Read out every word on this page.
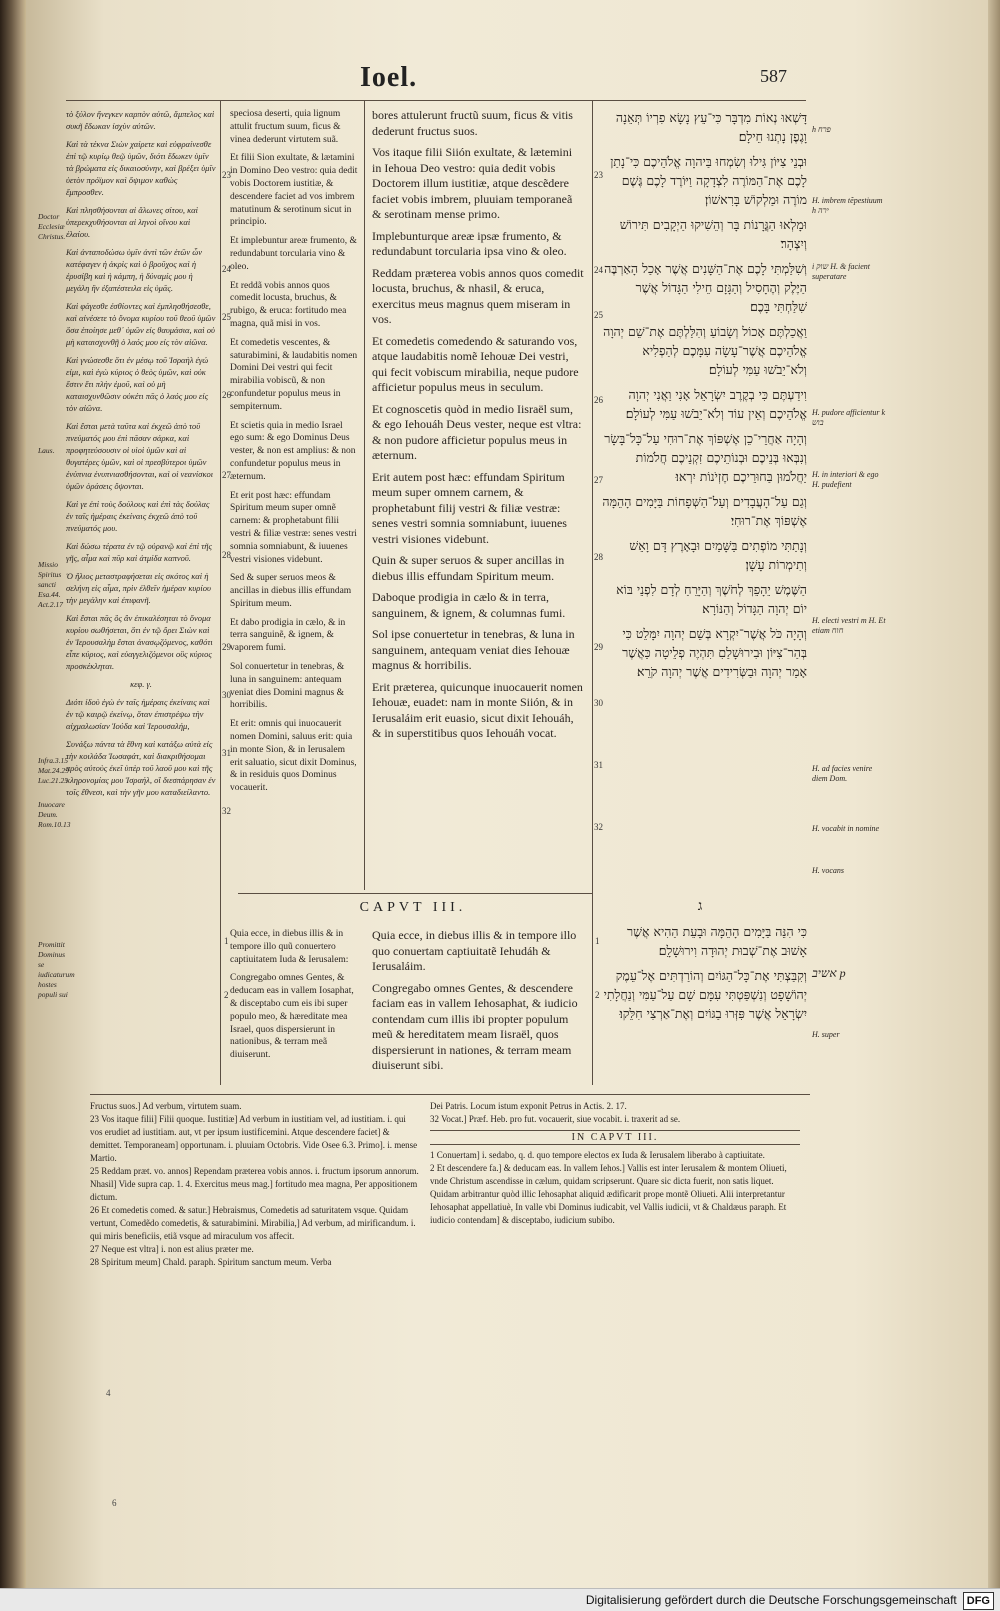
Ioel.	587

τὸ ξύλον ἤνεγκεν καρπὸν αὐτῶ, ἄμπελος καὶ συκῆ ἔδωκαν ἰσχὺν αὐτῶν.

Καὶ τὰ τέκνα Σιὼν χαίρετε καὶ εὐφραίνεσθε ἐπὶ τῷ κυρίῳ θεῷ ὑμῶν, διότι ἔδωκεν ὑμῖν τὰ βρώματα εἰς δικαιοσύνην, καὶ βρέξει ὑμῖν ὑετὸν πρόϊμον καὶ ὄψιμον καθὼς ἔμπροσθεν.

Καὶ πλησθήσονται αἱ ἅλωνες σίτου, καὶ ὑπερεκχυθήσονται αἱ ληνοὶ οἴνου καὶ ἐλαίου.

Καὶ ἀνταποδώσω ὑμῖν ἀντὶ τῶν ἐτῶν ὧν κατέφαγεν ἡ ἀκρὶς καὶ ὁ βροῦχος καὶ ἡ ἐρυσίβη καὶ ἡ κάμπη, ἡ δύναμίς μου ἡ μεγάλη ἣν ἐξαπέστειλα εἰς ὑμᾶς.

Καὶ φάγεσθε ἐσθίοντες καὶ ἐμπλησθήσεσθε, καὶ αἰνέσετε τὸ ὄνομα κυρίου τοῦ θεοῦ ὑμῶν ὅσα ἐποίησε μεθ᾽ ὑμῶν εἰς θαυμάσια, καὶ οὐ μὴ καταισχυνθῇ ὁ λαός μου εἰς τὸν αἰῶνα.

Καὶ γνώσεσθε ὅτι ἐν μέσῳ τοῦ Ἰσραὴλ ἐγώ εἰμι, καὶ ἐγὼ κύριος ὁ θεὸς ὑμῶν, καὶ οὐκ ἔστιν ἔτι πλὴν ἐμοῦ, καὶ οὐ μὴ καταισχυνθῶσιν οὐκέτι πᾶς ὁ λαός μου εἰς τὸν αἰῶνα.

Καὶ ἔσται μετὰ ταῦτα καὶ ἐκχεῶ ἀπὸ τοῦ πνεύματός μου ἐπὶ πᾶσαν σάρκα, καὶ προφητεύσουσιν οἱ υἱοὶ ὑμῶν καὶ αἱ θυγατέρες ὑμῶν, καὶ οἱ πρεσβύτεροι ὑμῶν ἐνύπνια ἐνυπνιασθήσονται, καὶ οἱ νεανίσκοι ὑμῶν ὁράσεις ὄψονται.

Καὶ γε ἐπὶ τοὺς δούλους καὶ ἐπὶ τὰς δούλας ἐν ταῖς ἡμέραις ἐκείναις ἐκχεῶ ἀπὸ τοῦ πνεύματός μου.

Καὶ δώσω τέρατα ἐν τῷ οὐρανῷ καὶ ἐπὶ τῆς γῆς, αἷμα καὶ πῦρ καὶ ἀτμίδα καπνοῦ.

Ὁ ἥλιος μεταστραφήσεται εἰς σκότος καὶ ἡ σελήνη εἰς αἷμα, πρὶν ἐλθεῖν ἡμέραν κυρίου τὴν μεγάλην καὶ ἐπιφανῆ.

Καὶ ἔσται πᾶς ὃς ἂν ἐπικαλέσηται τὸ ὄνομα κυρίου σωθήσεται, ὅτι ἐν τῷ ὄρει Σιὼν καὶ ἐν Ἰερουσαλὴμ ἔσται ἀνασῳζόμενος, καθότι εἶπε κύριος, καὶ εὐαγγελιζόμενοι οὓς κύριος προσκέκληται.

κεφ. γ.

Διότι ἰδοὺ ἐγὼ ἐν ταῖς ἡμέραις ἐκείναις καὶ ἐν τῷ καιρῷ ἐκείνῳ, ὅταν ἐπιστρέψω τὴν αἰχμαλωσίαν Ἰούδα καὶ Ἱερουσαλήμ,

Συνάξω πάντα τὰ ἔθνη καὶ κατάξω αὐτὰ εἰς τὴν κοιλάδα Ἰωσαφάτ, καὶ διακριθήσομαι πρὸς αὐτοὺς ἐκεῖ ὑπὲρ τοῦ λαοῦ μου καὶ τῆς κληρονομίας μου Ἰσραήλ, οἳ διεσπάρησαν ἐν τοῖς ἔθνεσι, καὶ τὴν γῆν μου καταδιείλαντο.

Doctor Ecclesiæ Christus.
Laus.
Missio Spiritus sancti Esa.44. Act.2.17
Infra.3.15 Mat.24.29 Luc.21.25
Inuocare Deum. Rom.10.13
Promittit Dominus se iudicaturum hostes populi sui

speciosa deserti, quia lignum attulit fructum suum, ficus & vinea dederunt virtutem suã.

Et filii Sion exultate, & lætamini in Domino Deo vestro: quia dedit vobis Doctorem iustitiæ, & descendere faciet ad vos imbrem matutinum & serotinum sicut in principio.

Et implebuntur areæ frumento, & redundabunt torcularia vino & oleo.

Et reddã vobis annos quos comedit locusta, bruchus, & rubigo, & eruca: fortitudo mea magna, quã misi in vos.

Et comedetis vescentes, & saturabimini, & laudabitis nomen Domini Dei vestri qui fecit mirabilia vobiscũ, & non confundetur populus meus in sempiternum.

Et scietis quia in medio Israel ego sum: & ego Dominus Deus vester, & non est amplius: & non confundetur populus meus in æternum.

Et erit post hæc: effundam Spiritum meum super omnẽ carnem: & prophetabunt filii vestri & filiæ vestræ: senes vestri somnia somniabunt, & iuuenes vestri visiones videbunt.

Sed & super seruos meos & ancillas in diebus illis effundam Spiritum meum.

Et dabo prodigia in cælo, & in terra sanguinẽ, & ignem, & vaporem fumi.

Sol conuertetur in tenebras, & luna in sanguinem: antequam veniat dies Domini magnus & horribilis.

Et erit: omnis qui inuocauerit nomen Domini, saluus erit: quia in monte Sion, & in Ierusalem erit saluatio, sicut dixit Dominus, & in residuis quos Dominus vocauerit.

23
24
25
26
27
28
29
30
31
32

bores attulerunt fructũ suum, ficus & vitis dederunt fructus suos.

Vos itaque filii Siión exultate, & lætemini in Iehoua Deo vestro: quia dedit vobis Doctorem illum iustitiæ, atque descẽdere faciet vobis imbrem, pluuiam temporaneã & serotinam mense primo.

Implebunturque areæ ipsæ frumento, & redundabunt torcularia ipsa vino & oleo.

Reddam præterea vobis annos quos comedit locusta, bruchus, & nhasil, & eruca, exercitus meus magnus quem miseram in vos.

Et comedetis comedendo & saturando vos, atque laudabitis nomẽ Iehouæ Dei vestri, qui fecit vobiscum mirabilia, neque pudore afficietur populus meus in seculum.

Et cognoscetis quòd in medio Iisraël sum, & ego Iehouáh Deus vester, neque est vltra: & non pudore afficietur populus meus in æternum.

Erit autem post hæc: effundam Spiritum meum super omnem carnem, & prophetabunt filij vestri & filiæ vestræ: senes vestri somnia somniabunt, iuuenes vestri visiones videbunt.

Quin & super seruos & super ancillas in diebus illis effundam Spiritum meum.

Daboque prodigia in cælo & in terra, sanguinem, & ignem, & columnas fumi.

Sol ipse conuertetur in tenebras, & luna in sanguinem, antequam veniat dies Iehouæ magnus & horribilis.

Erit præterea, quicunque inuocauerit nomen Iehouæ, euadet: nam in monte Siión, & in Ierusaláim erit euasio, sicut dixit Iehouáh, & in superstitibus quos Iehouáh vocat.

23
24
25
26
27
28
29
30
31
32

דָּשְׁאוּ נְאוֹת מִדְבָּר כִּי־עֵץ נָשָׂא פִרְיוֹ תְּאֵנָה וָגֶפֶן נָתְנוּ חֵילָם׃

וּבְנֵי צִיּוֹן גִּילוּ וְשִׂמְחוּ בַּיהוָה אֱלֹהֵיכֶם כִּי־נָתַן לָכֶם אֶת־הַמּוֹרֶה לִצְדָקָה וַיּוֹרֶד לָכֶם גֶּשֶׁם מוֹרֶה וּמַלְקוֹשׁ בָּרִאשׁוֹן׃

וּמָלְאוּ הַגֳּרָנוֹת בָּר וְהֵשִׁיקוּ הַיְקָבִים תִּירוֹשׁ וְיִצְהָר׃

וְשִׁלַּמְתִּי לָכֶם אֶת־הַשָּׁנִים אֲשֶׁר אָכַל הָאַרְבֶּה הַיֶּלֶק וְהֶחָסִיל וְהַגָּזָם חֵילִי הַגָּדוֹל אֲשֶׁר שִׁלַּחְתִּי בָּכֶם׃

וַאֲכַלְתֶּם אָכוֹל וְשָׂבוֹעַ וְהִלַּלְתֶּם אֶת־שֵׁם יְהוָה אֱלֹהֵיכֶם אֲשֶׁר־עָשָׂה עִמָּכֶם לְהַפְלִיא וְלֹא־יֵבֹשׁוּ עַמִּי לְעוֹלָם׃

וִידַעְתֶּם כִּי בְקֶרֶב יִשְׂרָאֵל אָנִי וַאֲנִי יְהוָה אֱלֹהֵיכֶם וְאֵין עוֹד וְלֹא־יֵבֹשׁוּ עַמִּי לְעוֹלָם׃

וְהָיָה אַחֲרֵי־כֵן אֶשְׁפּוֹךְ אֶת־רוּחִי עַל־כָּל־בָּשָׂר וְנִבְּאוּ בְּנֵיכֶם וּבְנוֹתֵיכֶם זִקְנֵיכֶם חֲלֹמוֹת יַחֲלֹמוּן בַּחוּרֵיכֶם חֶזְיֹנוֹת יִרְאוּ׃

וְגַם עַל־הָעֲבָדִים וְעַל־הַשְּׁפָחוֹת בַּיָּמִים הָהֵמָּה אֶשְׁפּוֹךְ אֶת־רוּחִי׃

וְנָתַתִּי מוֹפְתִים בַּשָּׁמַיִם וּבָאָרֶץ דָּם וָאֵשׁ וְתִימְרוֹת עָשָׁן׃

הַשֶּׁמֶשׁ יֵהָפֵךְ לְחֹשֶׁךְ וְהַיָּרֵחַ לְדָם לִפְנֵי בּוֹא יוֹם יְהוָה הַגָּדוֹל וְהַנּוֹרָא׃

וְהָיָה כֹּל אֲשֶׁר־יִקְרָא בְּשֵׁם יְהוָה יִמָּלֵט כִּי בְּהַר־צִיּוֹן וּבִירוּשָׁלַםִ תִּהְיֶה פְלֵיטָה כַּאֲשֶׁר אָמַר יְהוָה וּבַשְּׂרִידִים אֲשֶׁר יְהוָה קֹרֵא׃

ג

כִּי הִנֵּה בַּיָּמִים הָהֵמָּה וּבָעֵת הַהִיא אֲשֶׁר אָשׁוּב אֶת־שְׁבוּת יְהוּדָה וִירוּשָׁלִָם׃

וְקִבַּצְתִּי אֶת־כָּל־הַגּוֹיִם וְהוֹרַדְתִּים אֶל־עֵמֶק יְהוֹשָׁפָט וְנִשְׁפַּטְתִּי עִמָּם שָׁם עַל־עַמִּי וְנַחֲלָתִי יִשְׂרָאֵל אֲשֶׁר פִּזְּרוּ בַגּוֹיִם וְאֶת־אַרְצִי חִלֵּקוּ׃

h פרח
H. imbrem tẽpestiuum h ירה
i שוק H. & facient superatare
H. pudore afficientur k בוש
H. in interiori & ego H. pudefient
H. electi vestri m H. Et etiam חוח
H. ad facies venire diem Dom.
H. vocabit in nomine
H. vocans
אשיב p
H. super
CAPVT III.

Quia ecce, in diebus illis & in tempore illo quũ conuertero captiuitatem Iuda & Ierusalem:

Congregabo omnes Gentes, & deducam eas in vallem Iosaphat, & disceptabo cum eis ibi super populo meo, & hæreditate mea Israel, quos dispersierunt in nationibus, & terram meã diuiserunt.

1
2

Quia ecce, in diebus illis & in tempore illo quo conuertam captiuitatẽ Iehudáh & Ierusaláim.

Congregabo omnes Gentes, & descendere faciam eas in vallem Iehosaphat, & iudicio contendam cum illis ibi propter populum meũ & hereditatem meam Iisraël, quos dispersierunt in nationes, & terram meam diuiserunt sibi.

1
2
Fructus suos.] Ad verbum, virtutem suam.
23 Vos itaque filii] Filii quoque. Iustitiæ] Ad verbum in iustitiam vel, ad iustitiam. i. qui vos erudiet ad iustitiam. aut, vt per ipsum iustificemini. Atque descendere faciet] & demittet. Temporaneam] opportunam. i. pluuiam Octobris. Vide Osee 6.3. Primo]. i. mense Martio.
25 Reddam præt. vo. annos] Rependam præterea vobis annos. i. fructum ipsorum annorum. Nhasil] Vide supra cap. 1. 4. Exercitus meus mag.] fortitudo mea magna, Per appositionem dictum.
26 Et comedetis comed. & satur.] Hebraismus, Comedetis ad saturitatem vsque. Quidam vertunt, Comedẽdo comedetis, & saturabimini. Mirabilia,] Ad verbum, ad mirificandum. i. qui miris beneficiis, etiã vsque ad miraculum vos affecit.
27 Neque est vltra] i. non est alius præter me.
28 Spiritum meum] Chald. paraph. Spiritum sanctum meum. Verba
Dei Patris. Locum istum exponit Petrus in Actis. 2. 17.
32 Vocat.] Præf. Heb. pro fut. vocauerit, siue vocabit. i. traxerit ad se.
IN CAPVT III.
1 Conuertam] i. sedabo, q. d. quo tempore electos ex Iuda & Ierusalem liberabo à captiuitate.
2 Et descendere fa.] & deducam eas. In vallem Iehos.] Vallis est inter Ierusalem & montem Oliueti, vnde Christum ascendisse in cælum, quidam scripserunt. Quare sic dicta fuerit, non satis liquet. Quidam arbitrantur quòd illic Iehosaphat aliquid ædificarit prope montẽ Oliueti. Alii interpretantur Iehosaphat appellatiuè, In valle vbi Dominus iudicabit, vel Vallis iudicii, vt & Chaldæus paraph. Et iudicio contendam] & disceptabo, iudicium subibo.
4
6
Digitalisierung gefördert durch die Deutsche Forschungsgemeinschaft DFG
